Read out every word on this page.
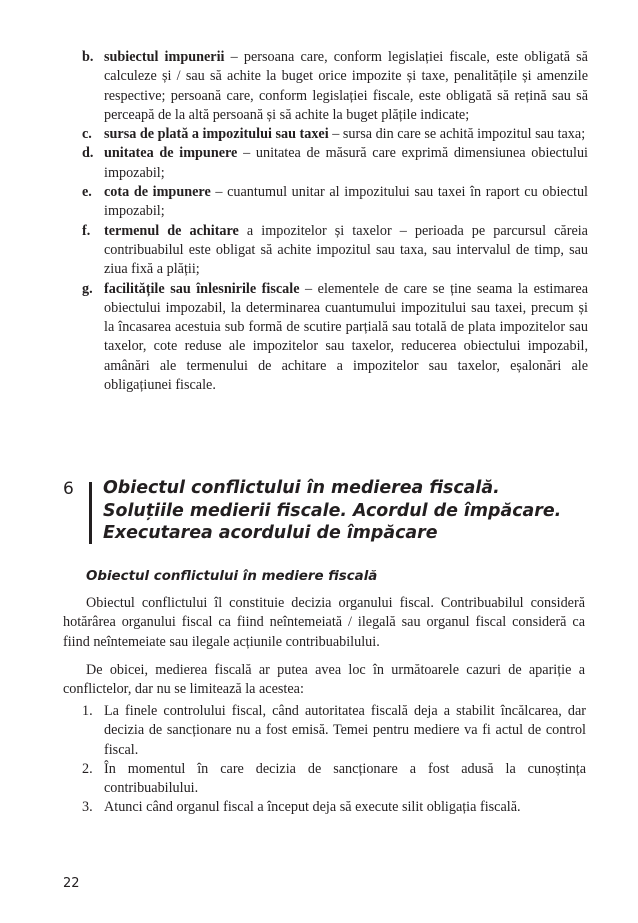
b. subiectul impunerii – persoana care, conform legislației fiscale, este obligată să calculeze și / sau să achite la buget orice impozite și taxe, penalitățile și amenzile respective; persoană care, conform legislației fiscale, este obligată să rețină sau să perceapă de la altă persoană și să achite la buget plățile indicate;
c. sursa de plată a impozitului sau taxei – sursa din care se achită impozitul sau taxa;
d. unitatea de impunere – unitatea de măsură care exprimă dimensiunea obiectului impozabil;
e. cota de impunere – cuantumul unitar al impozitului sau taxei în raport cu obiectul impozabil;
f. termenul de achitare a impozitelor și taxelor – perioada pe parcursul căreia contribuabilul este obligat să achite impozitul sau taxa, sau intervalul de timp, sau ziua fixă a plății;
g. facilitățile sau înlesnirile fiscale – elementele de care se ține seama la estimarea obiectului impozabil, la determinarea cuantumului impozitului sau taxei, precum și la încasarea acestuia sub formă de scutire parțială sau totală de plata impozitelor sau taxelor, cote reduse ale impozitelor sau taxelor, reducerea obiectului impozabil, amânări ale termenului de achitare a impozitelor sau taxelor, eșalonări ale obligațiunei fiscale.
6 Obiectul conflictului în medierea fiscală. Soluțiile medierii fiscale. Acordul de împăcare. Executarea acordului de împăcare
Obiectul conflictului în mediere fiscală

Obiectul conflictului îl constituie decizia organului fiscal. Contribuabilul consideră hotărârea organului fiscal ca fiind neîntemeiată / ilegală sau organul fiscal consideră ca fiind neîntemeiate sau ilegale acțiunile contribuabilului.

De obicei, medierea fiscală ar putea avea loc în următoarele cazuri de apariție a conflictelor, dar nu se limitează la acestea:

1. La finele controlului fiscal, când autoritatea fiscală deja a stabilit încălcarea, dar decizia de sancționare nu a fost emisă. Temei pentru mediere va fi actul de control fiscal.
2. În momentul în care decizia de sancționare a fost adusă la cunoștința contribuabilului.
3. Atunci când organul fiscal a început deja să execute silit obligația fiscală.
22
